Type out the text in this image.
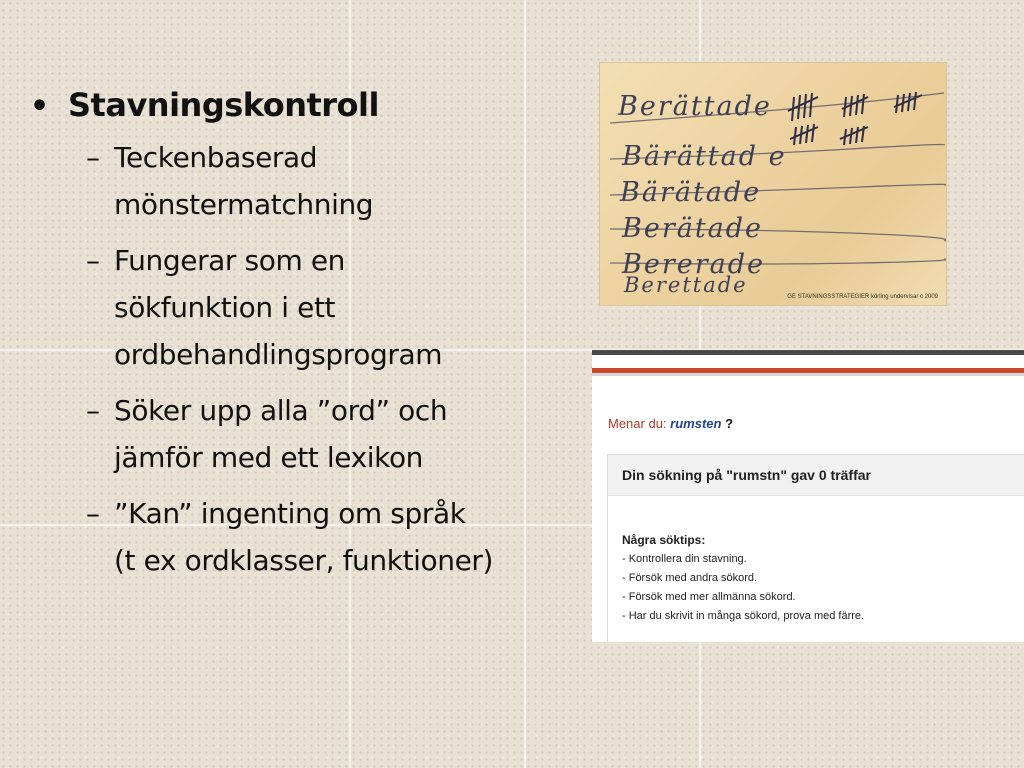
• Stavningskontroll
– Teckenbaserad
mönstermatchning
– Fungerar som en
sökfunktion i ett
ordbehandlingsprogram
– Söker upp alla ”ord” och
jämför med ett lexikon
– ”Kan” ingenting om språk
(t ex ordklasser, funktioner)
Berättade
Bärättad e
Bärätade
Berätade
Bererade
Berettade	GE STAVNINGSSTRATEGIER körling undervisar c 2009
Menar du: rumsten ?
Din sökning på "rumstn" gav 0 träffar
Några söktips:
- Kontrollera din stavning.
- Försök med andra sökord.
- Försök med mer allmänna sökord.
- Har du skrivit in många sökord, prova med färre.
